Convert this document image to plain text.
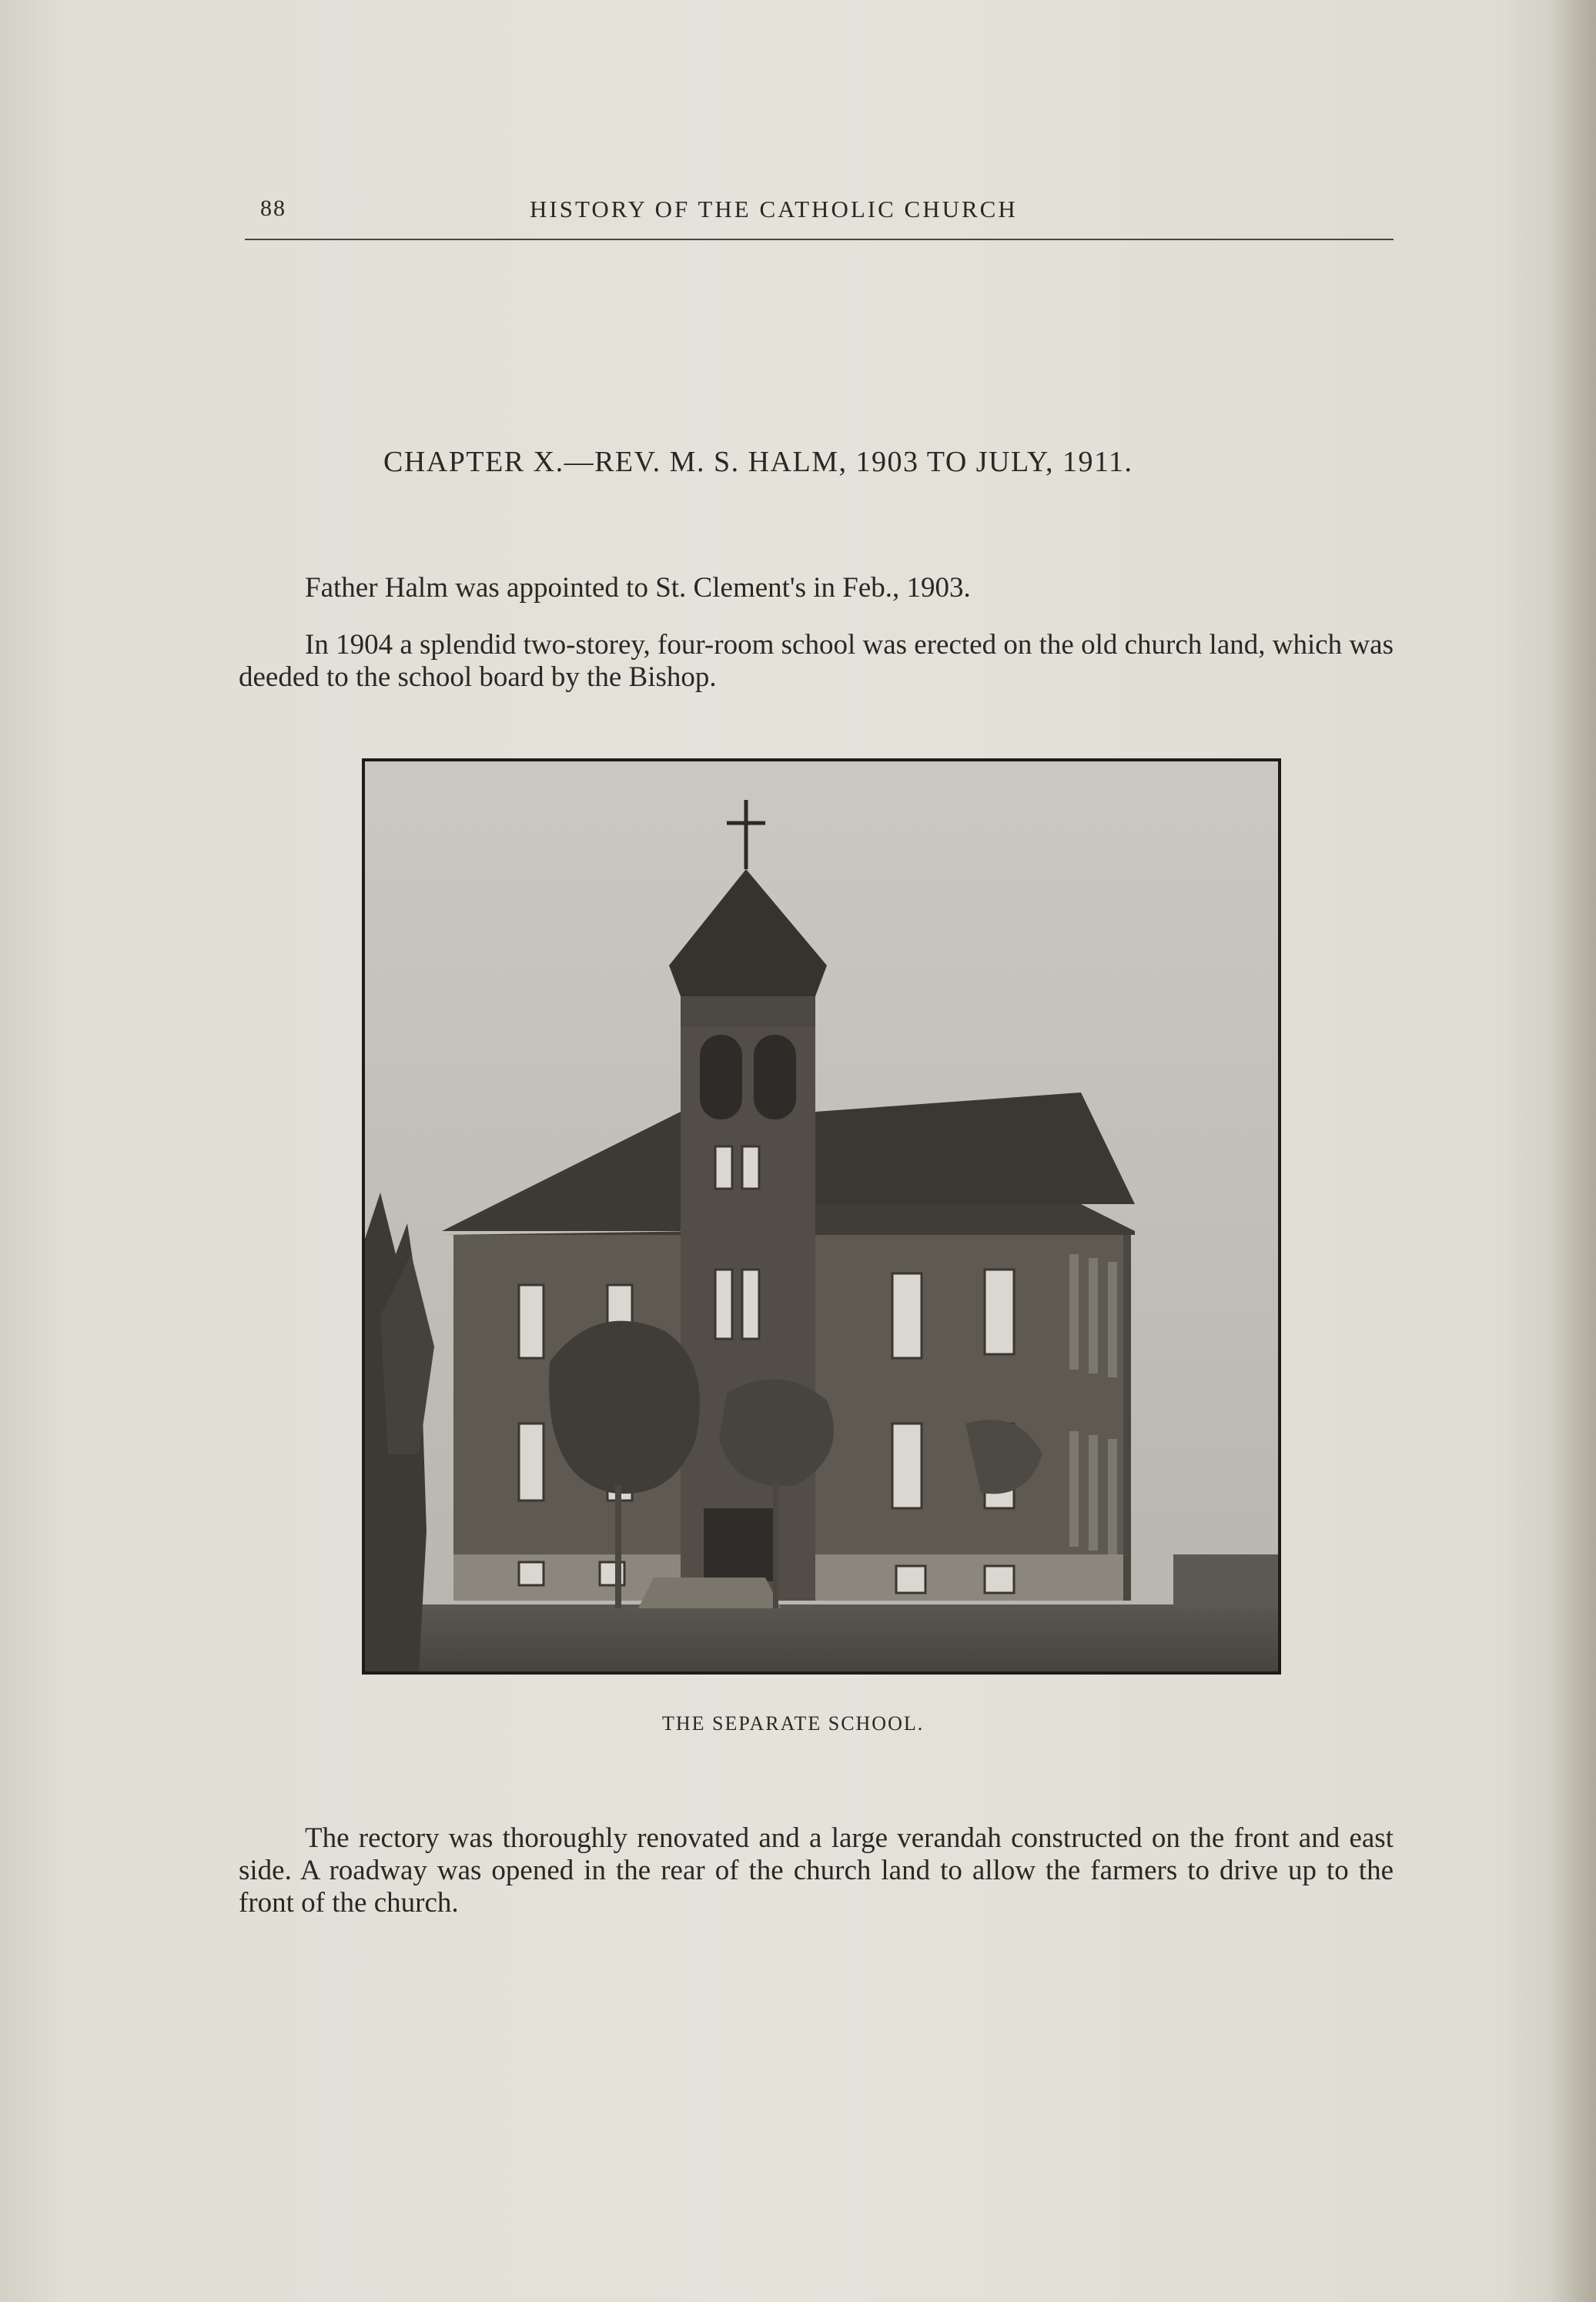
88	HISTORY OF THE CATHOLIC CHURCH
CHAPTER X.—REV. M. S. HALM, 1903 TO JULY, 1911.

Father Halm was appointed to St. Clement's in Feb., 1903.

In 1904 a splendid two-storey, four-room school was erected on the old church land, which was deeded to the school board by the Bishop.

THE SEPARATE SCHOOL.

The rectory was thoroughly renovated and a large verandah constructed on the front and east side. A roadway was opened in the rear of the church land to allow the farmers to drive up to the front of the church.
